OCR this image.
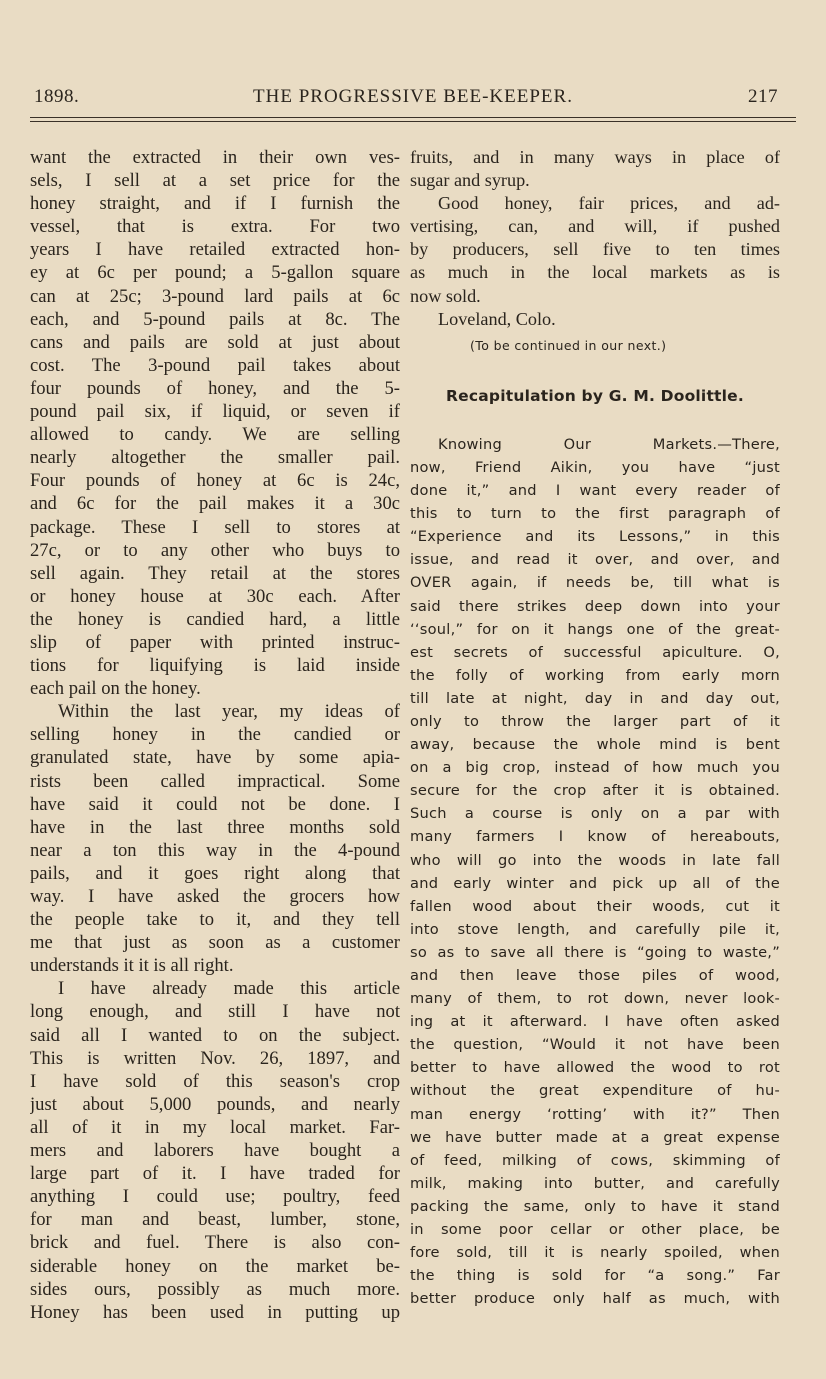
1898.	THE PROGRESSIVE BEE-KEEPER.	217
want the extracted in their own ves-
sels, I sell at a set price for the
honey straight, and if I furnish the
vessel, that is extra. For two
years I have retailed extracted hon-
ey at 6c per pound; a 5-gallon square
can at 25c; 3-pound lard pails at 6c
each, and 5-pound pails at 8c. The
cans and pails are sold at just about
cost. The 3-pound pail takes about
four pounds of honey, and the 5-
pound pail six, if liquid, or seven if
allowed to candy. We are selling
nearly altogether the smaller pail.
Four pounds of honey at 6c is 24c,
and 6c for the pail makes it a 30c
package. These I sell to stores at
27c, or to any other who buys to
sell again. They retail at the stores
or honey house at 30c each. After
the honey is candied hard, a little
slip of paper with printed instruc-
tions for liquifying is laid inside
each pail on the honey.
Within the last year, my ideas of
selling honey in the candied or
granulated state, have by some apia-
rists been called impractical. Some
have said it could not be done. I
have in the last three months sold
near a ton this way in the 4-pound
pails, and it goes right along that
way. I have asked the grocers how
the people take to it, and they tell
me that just as soon as a customer
understands it it is all right.
I have already made this article
long enough, and still I have not
said all I wanted to on the subject.
This is written Nov. 26, 1897, and
I have sold of this season's crop
just about 5,000 pounds, and nearly
all of it in my local market. Far-
mers and laborers have bought a
large part of it. I have traded for
anything I could use; poultry, feed
for man and beast, lumber, stone,
brick and fuel. There is also con-
siderable honey on the market be-
sides ours, possibly as much more.
Honey has been used in putting up
fruits, and in many ways in place of
sugar and syrup.
Good honey, fair prices, and ad-
vertising, can, and will, if pushed
by producers, sell five to ten times
as much in the local markets as is
now sold.
Loveland, Colo.
(To be continued in our next.)
Recapitulation by G. M. Doolittle.
Knowing Our Markets.—There,
now, Friend Aikin, you have “just
done it,” and I want every reader of
this to turn to the first paragraph of
“Experience and its Lessons,” in this
issue, and read it over, and over, and
OVER again, if needs be, till what is
said there strikes deep down into your
‘‘soul,” for on it hangs one of the great-
est secrets of successful apiculture. O,
the folly of working from early morn
till late at night, day in and day out,
only to throw the larger part of it
away, because the whole mind is bent
on a big crop, instead of how much you
secure for the crop after it is obtained.
Such a course is only on a par with
many farmers I know of hereabouts,
who will go into the woods in late fall
and early winter and pick up all of the
fallen wood about their woods, cut it
into stove length, and carefully pile it,
so as to save all there is “going to waste,”
and then leave those piles of wood,
many of them, to rot down, never look-
ing at it afterward. I have often asked
the question, “Would it not have been
better to have allowed the wood to rot
without the great expenditure of hu-
man energy ‘rotting’ with it?” Then
we have butter made at a great expense
of feed, milking of cows, skimming of
milk, making into butter, and carefully
packing the same, only to have it stand
in some poor cellar or other place, be
fore sold, till it is nearly spoiled, when
the thing is sold for “a song.” Far
better produce only half as much, with
